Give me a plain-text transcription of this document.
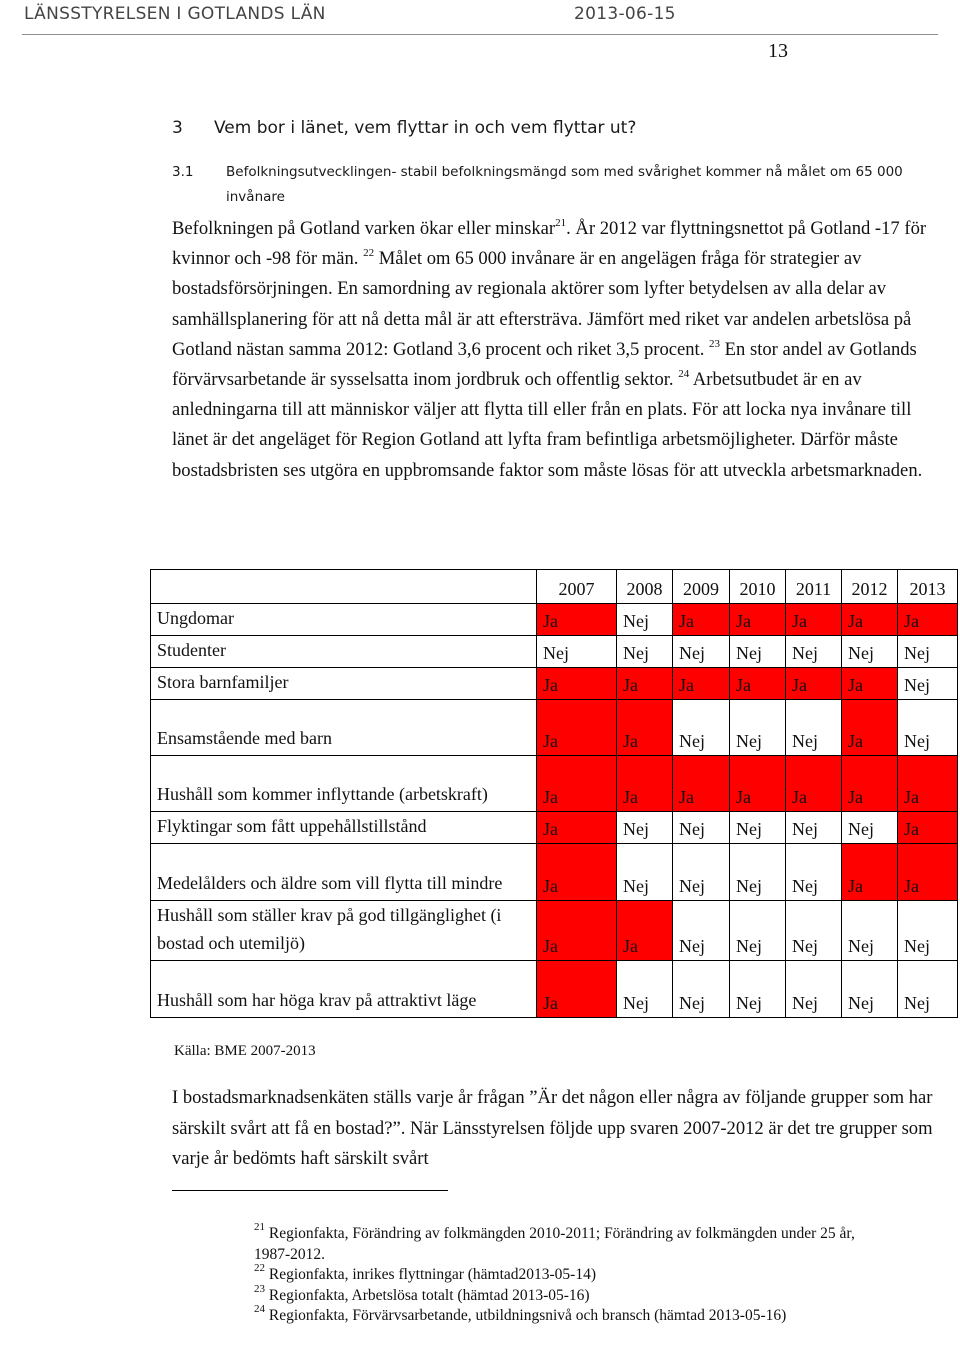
LÄNSSTYRELSEN I GOTLANDS LÄN	2013-06-15
13
3 Vem bor i länet, vem flyttar in och vem flyttar ut?
3.1 Befolkningsutvecklingen- stabil befolkningsmängd som med svårighet kommer nå målet om 65 000 invånare

Befolkningen på Gotland varken ökar eller minskar$^{21}$. År 2012 var flyttningsnettot på Gotland -17 för kvinnor och -98 för män. $^{22}$ Målet om 65 000 invånare är en angelägen fråga för strategier av bostadsförsörjningen. En samordning av regionala aktörer som lyfter betydelsen av alla delar av samhällsplanering för att nå detta mål är att eftersträva. Jämfört med riket var andelen arbetslösa på Gotland nästan samma 2012: Gotland 3,6 procent och riket 3,5 procent. $^{23}$ En stor andel av Gotlands förvärvsarbetande är sysselsatta inom jordbruk och offentlig sektor. $^{24}$ Arbetsutbudet är en av anledningarna till att människor väljer att flytta till eller från en plats. För att locka nya invånare till länet är det angeläget för Region Gotland att lyfta fram befintliga arbetsmöjligheter. Därför måste bostadsbristen ses utgöra en uppbromsande faktor som måste lösas för att utveckla arbetsmarknaden.

	2007	2008	2009	2010	2011	2012	2013
Ungdomar	Ja	Nej	Ja	Ja	Ja	Ja	Ja
Studenter	Nej	Nej	Nej	Nej	Nej	Nej	Nej
Stora barnfamiljer	Ja	Ja	Ja	Ja	Ja	Ja	Nej
Ensamstående med barn	Ja	Ja	Nej	Nej	Nej	Ja	Nej
Hushåll som kommer inflyttande (arbetskraft)	Ja	Ja	Ja	Ja	Ja	Ja	Ja
Flyktingar som fått uppehållstillstånd	Ja	Nej	Nej	Nej	Nej	Nej	Ja
Medelålders och äldre som vill flytta till mindre	Ja	Nej	Nej	Nej	Nej	Ja	Ja
Hushåll som ställer krav på god tillgänglighet (i bostad och utemiljö)	Ja	Ja	Nej	Nej	Nej	Nej	Nej
Hushåll som har höga krav på attraktivt läge	Ja	Nej	Nej	Nej	Nej	Nej	Nej
Källa: BME 2007-2013

I bostadsmarknadsenkäten ställs varje år frågan ”Är det någon eller några av följande grupper som har särskilt svårt att få en bostad?”. När Länsstyrelsen följde upp svaren 2007-2012 är det tre grupper som varje år bedömts haft särskilt svårt

$^{21}$ Regionfakta, Förändring av folkmängden 2010-2011; Förändring av folkmängden under 25 år, 1987-2012.
$^{22}$ Regionfakta, inrikes flyttningar (hämtad2013-05-14)
$^{23}$ Regionfakta, Arbetslösa totalt (hämtad 2013-05-16)
$^{24}$ Regionfakta, Förvärvsarbetande, utbildningsnivå och bransch (hämtad 2013-05-16)
